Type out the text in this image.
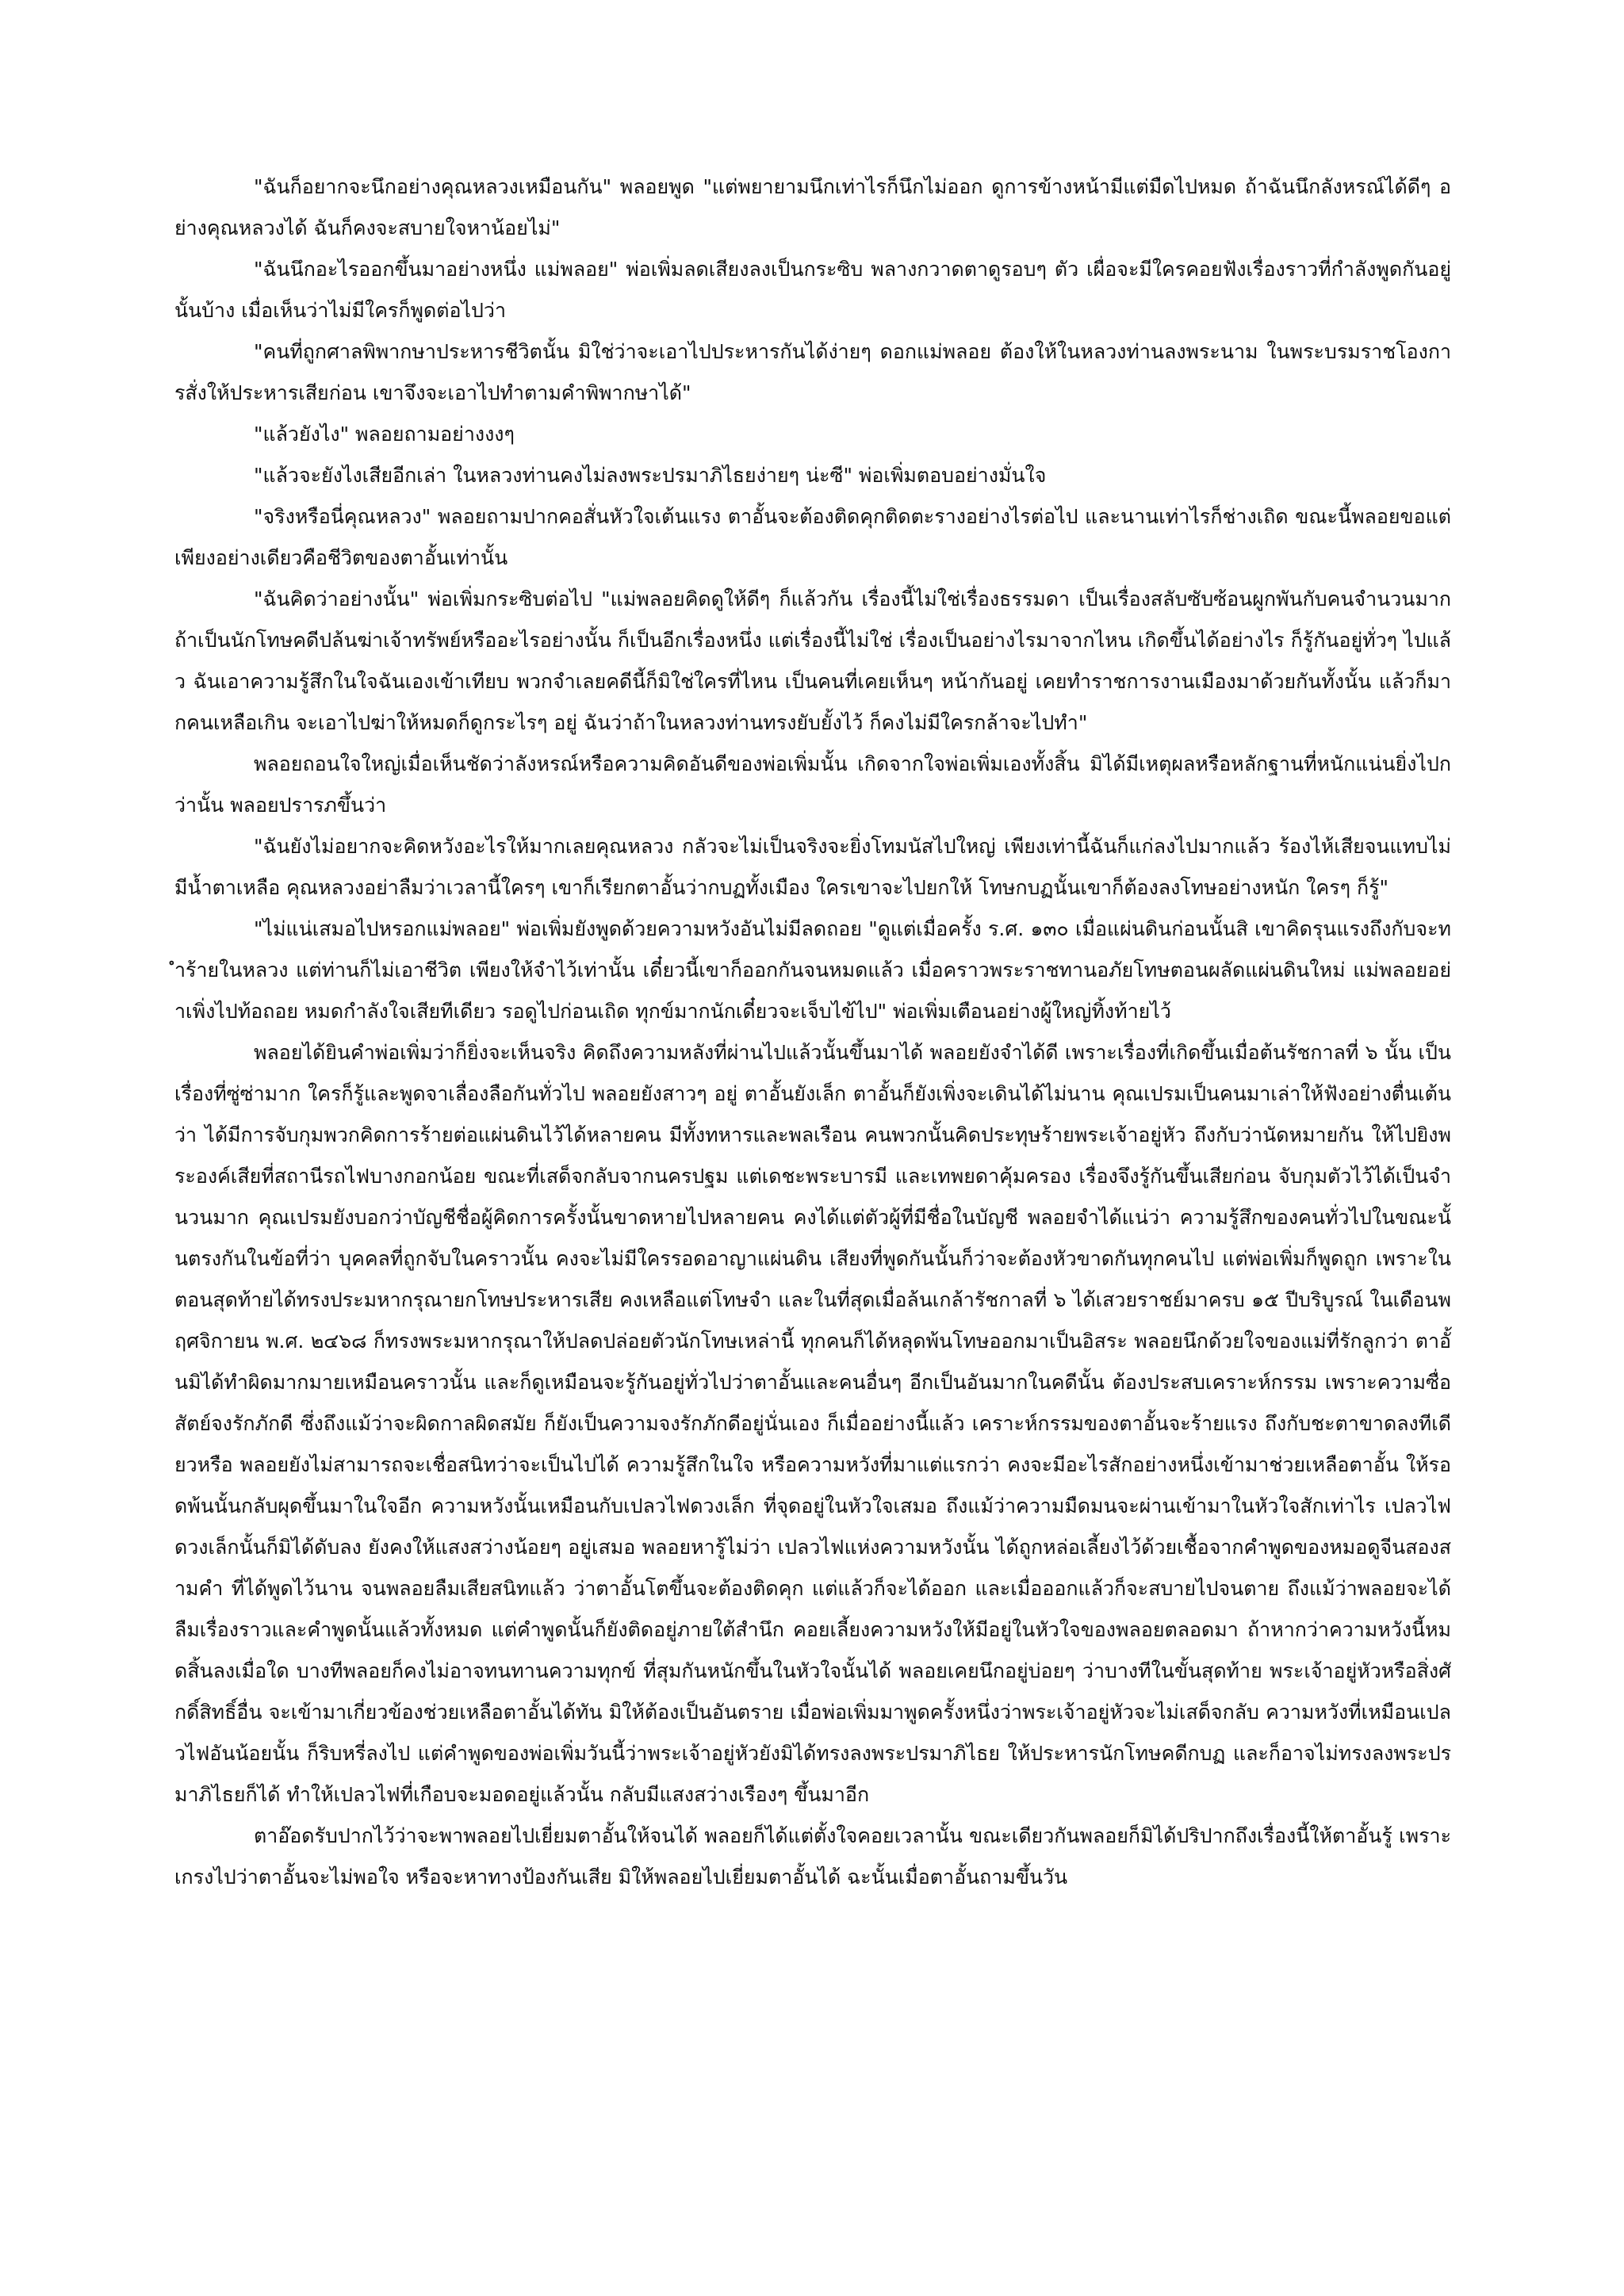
"ฉันก็อยากจะนึกอย่างคุณหลวงเหมือนกัน" พลอยพูด "แต่พยายามนึกเท่าไรก็นึกไม่ออก ดูการข้างหน้ามีแต่มืดไปหมด ถ้าฉันนึกลังหรณ์ได้ดีๆ อย่างคุณหลวงได้ ฉันก็คงจะสบายใจหาน้อยไม่"

"ฉันนึกอะไรออกขึ้นมาอย่างหนึ่ง แม่พลอย" พ่อเพิ่มลดเสียงลงเป็นกระซิบ พลางกวาดตาดูรอบๆ ตัว เผื่อจะมีใครคอยฟังเรื่องราวที่กำลังพูดกันอยู่นั้นบ้าง เมื่อเห็นว่าไม่มีใครก็พูดต่อไปว่า

"คนที่ถูกศาลพิพากษาประหารชีวิตนั้น มิใช่ว่าจะเอาไปประหารกันได้ง่ายๆ ดอกแม่พลอย ต้องให้ในหลวงท่านลงพระนาม ในพระบรมราชโองการสั่งให้ประหารเสียก่อน เขาจึงจะเอาไปทำตามคำพิพากษาได้"

"แล้วยังไง" พลอยถามอย่างงงๆ

"แล้วจะยังไงเสียอีกเล่า ในหลวงท่านคงไม่ลงพระปรมาภิไธยง่ายๆ น่ะซี" พ่อเพิ่มตอบอย่างมั่นใจ

"จริงหรือนี่คุณหลวง" พลอยถามปากคอสั่นหัวใจเต้นแรง ตาอั้นจะต้องติดคุกติดตะรางอย่างไรต่อไป และนานเท่าไรก็ช่างเถิด ขณะนี้พลอยขอแต่เพียงอย่างเดียวคือชีวิตของตาอั้นเท่านั้น

"ฉันคิดว่าอย่างนั้น" พ่อเพิ่มกระซิบต่อไป "แม่พลอยคิดดูให้ดีๆ ก็แล้วกัน เรื่องนี้ไม่ใช่เรื่องธรรมดา เป็นเรื่องสลับซับซ้อนผูกพันกับคนจำนวนมาก ถ้าเป็นนักโทษคดีปล้นฆ่าเจ้าทรัพย์หรืออะไรอย่างนั้น ก็เป็นอีกเรื่องหนึ่ง แต่เรื่องนี้ไม่ใช่ เรื่องเป็นอย่างไรมาจากไหน เกิดขึ้นได้อย่างไร ก็รู้กันอยู่ทั่วๆ ไปแล้ว ฉันเอาความรู้สึกในใจฉันเองเข้าเทียบ พวกจำเลยคดีนี้ก็มิใช่ใครที่ไหน เป็นคนที่เคยเห็นๆ หน้ากันอยู่ เคยทำราชการงานเมืองมาด้วยกันทั้งนั้น แล้วก็มากคนเหลือเกิน จะเอาไปฆ่าให้หมดก็ดูกระไรๆ อยู่ ฉันว่าถ้าในหลวงท่านทรงยับยั้งไว้ ก็คงไม่มีใครกล้าจะไปทำ"

พลอยถอนใจใหญ่เมื่อเห็นชัดว่าลังหรณ์หรือความคิดอันดีของพ่อเพิ่มนั้น เกิดจากใจพ่อเพิ่มเองทั้งสิ้น มิได้มีเหตุผลหรือหลักฐานที่หนักแน่นยิ่งไปกว่านั้น พลอยปรารภขึ้นว่า

"ฉันยังไม่อยากจะคิดหวังอะไรให้มากเลยคุณหลวง กลัวจะไม่เป็นจริงจะยิ่งโทมนัสไปใหญ่ เพียงเท่านี้ฉันก็แก่ลงไปมากแล้ว ร้องไห้เสียจนแทบไม่มีน้ำตาเหลือ คุณหลวงอย่าลืมว่าเวลานี้ใครๆ เขาก็เรียกตาอั้นว่ากบฏทั้งเมือง ใครเขาจะไปยกให้ โทษกบฏนั้นเขาก็ต้องลงโทษอย่างหนัก ใครๆ ก็รู้"

"ไม่แน่เสมอไปหรอกแม่พลอย" พ่อเพิ่มยังพูดด้วยความหวังอันไม่มีลดถอย "ดูแต่เมื่อครั้ง ร.ศ. ๑๓๐ เมื่อแผ่นดินก่อนนั้นสิ เขาคิดรุนแรงถึงกับจะทำร้ายในหลวง แต่ท่านก็ไม่เอาชีวิต เพียงให้จำไว้เท่านั้น เดี๋ยวนี้เขาก็ออกกันจนหมดแล้ว เมื่อคราวพระราชทานอภัยโทษตอนผลัดแผ่นดินใหม่ แม่พลอยอย่าเพิ่งไปท้อถอย หมดกำลังใจเสียทีเดียว รอดูไปก่อนเถิด ทุกข์มากนักเดี๋ยวจะเจ็บไข้ไป" พ่อเพิ่มเตือนอย่างผู้ใหญ่ทิ้งท้ายไว้

พลอยได้ยินคำพ่อเพิ่มว่าก็ยิ่งจะเห็นจริง คิดถึงความหลังที่ผ่านไปแล้วนั้นขึ้นมาได้ พลอยยังจำได้ดี เพราะเรื่องที่เกิดขึ้นเมื่อต้นรัชกาลที่ ๖ นั้น เป็นเรื่องที่ซู่ซ่ามาก ใครก็รู้และพูดจาเลื่องลือกันทั่วไป พลอยยังสาวๆ อยู่ ตาอั้นยังเล็ก ตาอั้นก็ยังเพิ่งจะเดินได้ไม่นาน คุณเปรมเป็นคนมาเล่าให้ฟังอย่างตื่นเต้นว่า ได้มีการจับกุมพวกคิดการร้ายต่อแผ่นดินไว้ได้หลายคน มีทั้งทหารและพลเรือน คนพวกนั้นคิดประทุษร้ายพระเจ้าอยู่หัว ถึงกับว่านัดหมายกัน ให้ไปยิงพระองค์เสียที่สถานีรถไฟบางกอกน้อย ขณะที่เสด็จกลับจากนครปฐม แต่เดชะพระบารมี และเทพยดาคุ้มครอง เรื่องจึงรู้กันขึ้นเสียก่อน จับกุมตัวไว้ได้เป็นจำนวนมาก คุณเปรมยังบอกว่าบัญชีชื่อผู้คิดการครั้งนั้นขาดหายไปหลายคน คงได้แต่ตัวผู้ที่มีชื่อในบัญชี พลอยจำได้แน่ว่า ความรู้สึกของคนทั่วไปในขณะนั้นตรงกันในข้อที่ว่า บุคคลที่ถูกจับในคราวนั้น คงจะไม่มีใครรอดอาญาแผ่นดิน เสียงที่พูดกันนั้นก็ว่าจะต้องหัวขาดกันทุกคนไป แต่พ่อเพิ่มก็พูดถูก เพราะในตอนสุดท้ายได้ทรงประมหากรุณายกโทษประหารเสีย คงเหลือแต่โทษจำ และในที่สุดเมื่อล้นเกล้ารัชกาลที่ ๖ ได้เสวยราชย์มาครบ ๑๕ ปีบริบูรณ์ ในเดือนพฤศจิกายน พ.ศ. ๒๔๖๘ ก็ทรงพระมหากรุณาให้ปลดปล่อยตัวนักโทษเหล่านี้ ทุกคนก็ได้หลุดพ้นโทษออกมาเป็นอิสระ พลอยนึกด้วยใจของแม่ที่รักลูกว่า ตาอั้นมิได้ทำผิดมากมายเหมือนคราวนั้น และก็ดูเหมือนจะรู้กันอยู่ทั่วไปว่าตาอั้นและคนอื่นๆ อีกเป็นอันมากในคดีนั้น ต้องประสบเคราะห์กรรม เพราะความซื่อสัตย์จงรักภักดี ซึ่งถึงแม้ว่าจะผิดกาลผิดสมัย ก็ยังเป็นความจงรักภักดีอยู่นั่นเอง ก็เมื่ออย่างนี้แล้ว เคราะห์กรรมของตาอั้นจะร้ายแรง ถึงกับชะตาขาดลงทีเดียวหรือ พลอยยังไม่สามารถจะเชื่อสนิทว่าจะเป็นไปได้ ความรู้สึกในใจ หรือความหวังที่มาแต่แรกว่า คงจะมีอะไรสักอย่างหนึ่งเข้ามาช่วยเหลือตาอั้น ให้รอดพ้นนั้นกลับผุดขึ้นมาในใจอีก ความหวังนั้นเหมือนกับเปลวไฟดวงเล็ก ที่จุดอยู่ในหัวใจเสมอ ถึงแม้ว่าความมืดมนจะผ่านเข้ามาในหัวใจสักเท่าไร เปลวไฟดวงเล็กนั้นก็มิได้ดับลง ยังคงให้แสงสว่างน้อยๆ อยู่เสมอ พลอยหารู้ไม่ว่า เปลวไฟแห่งความหวังนั้น ได้ถูกหล่อเลี้ยงไว้ด้วยเชื้อจากคำพูดของหมอดูจีนสองสามคำ ที่ได้พูดไว้นาน จนพลอยลืมเสียสนิทแล้ว ว่าตาอั้นโตขึ้นจะต้องติดคุก แต่แล้วก็จะได้ออก และเมื่อออกแล้วก็จะสบายไปจนตาย ถึงแม้ว่าพลอยจะได้ลืมเรื่องราวและคำพูดนั้นแล้วทั้งหมด แต่คำพูดนั้นก็ยังติดอยู่ภายใต้สำนึก คอยเลี้ยงความหวังให้มีอยู่ในหัวใจของพลอยตลอดมา ถ้าหากว่าความหวังนี้หมดสิ้นลงเมื่อใด บางทีพลอยก็คงไม่อาจทนทานความทุกข์ ที่สุมกันหนักขึ้นในหัวใจนั้นได้ พลอยเคยนึกอยู่บ่อยๆ ว่าบางทีในขั้นสุดท้าย พระเจ้าอยู่หัวหรือสิ่งศักดิ์สิทธิ์อื่น จะเข้ามาเกี่ยวข้องช่วยเหลือตาอั้นได้ทัน มิให้ต้องเป็นอันตราย เมื่อพ่อเพิ่มมาพูดครั้งหนึ่งว่าพระเจ้าอยู่หัวจะไม่เสด็จกลับ ความหวังที่เหมือนเปลวไฟอันน้อยนั้น ก็ริบหรี่ลงไป แต่คำพูดของพ่อเพิ่มวันนี้ว่าพระเจ้าอยู่หัวยังมิได้ทรงลงพระปรมาภิไธย ให้ประหารนักโทษคดีกบฏ และก็อาจไม่ทรงลงพระปรมาภิไธยก็ได้ ทำให้เปลวไฟที่เกือบจะมอดอยู่แล้วนั้น กลับมีแสงสว่างเรืองๆ ขึ้นมาอีก

ตาอ๊อดรับปากไว้ว่าจะพาพลอยไปเยี่ยมตาอั้นให้จนได้ พลอยก็ได้แต่ตั้งใจคอยเวลานั้น ขณะเดียวกันพลอยก็มิได้ปริปากถึงเรื่องนี้ให้ตาอั้นรู้ เพราะเกรงไปว่าตาอั้นจะไม่พอใจ หรือจะหาทางป้องกันเสีย มิให้พลอยไปเยี่ยมตาอั้นได้ ฉะนั้นเมื่อตาอั้นถามขึ้นวัน
